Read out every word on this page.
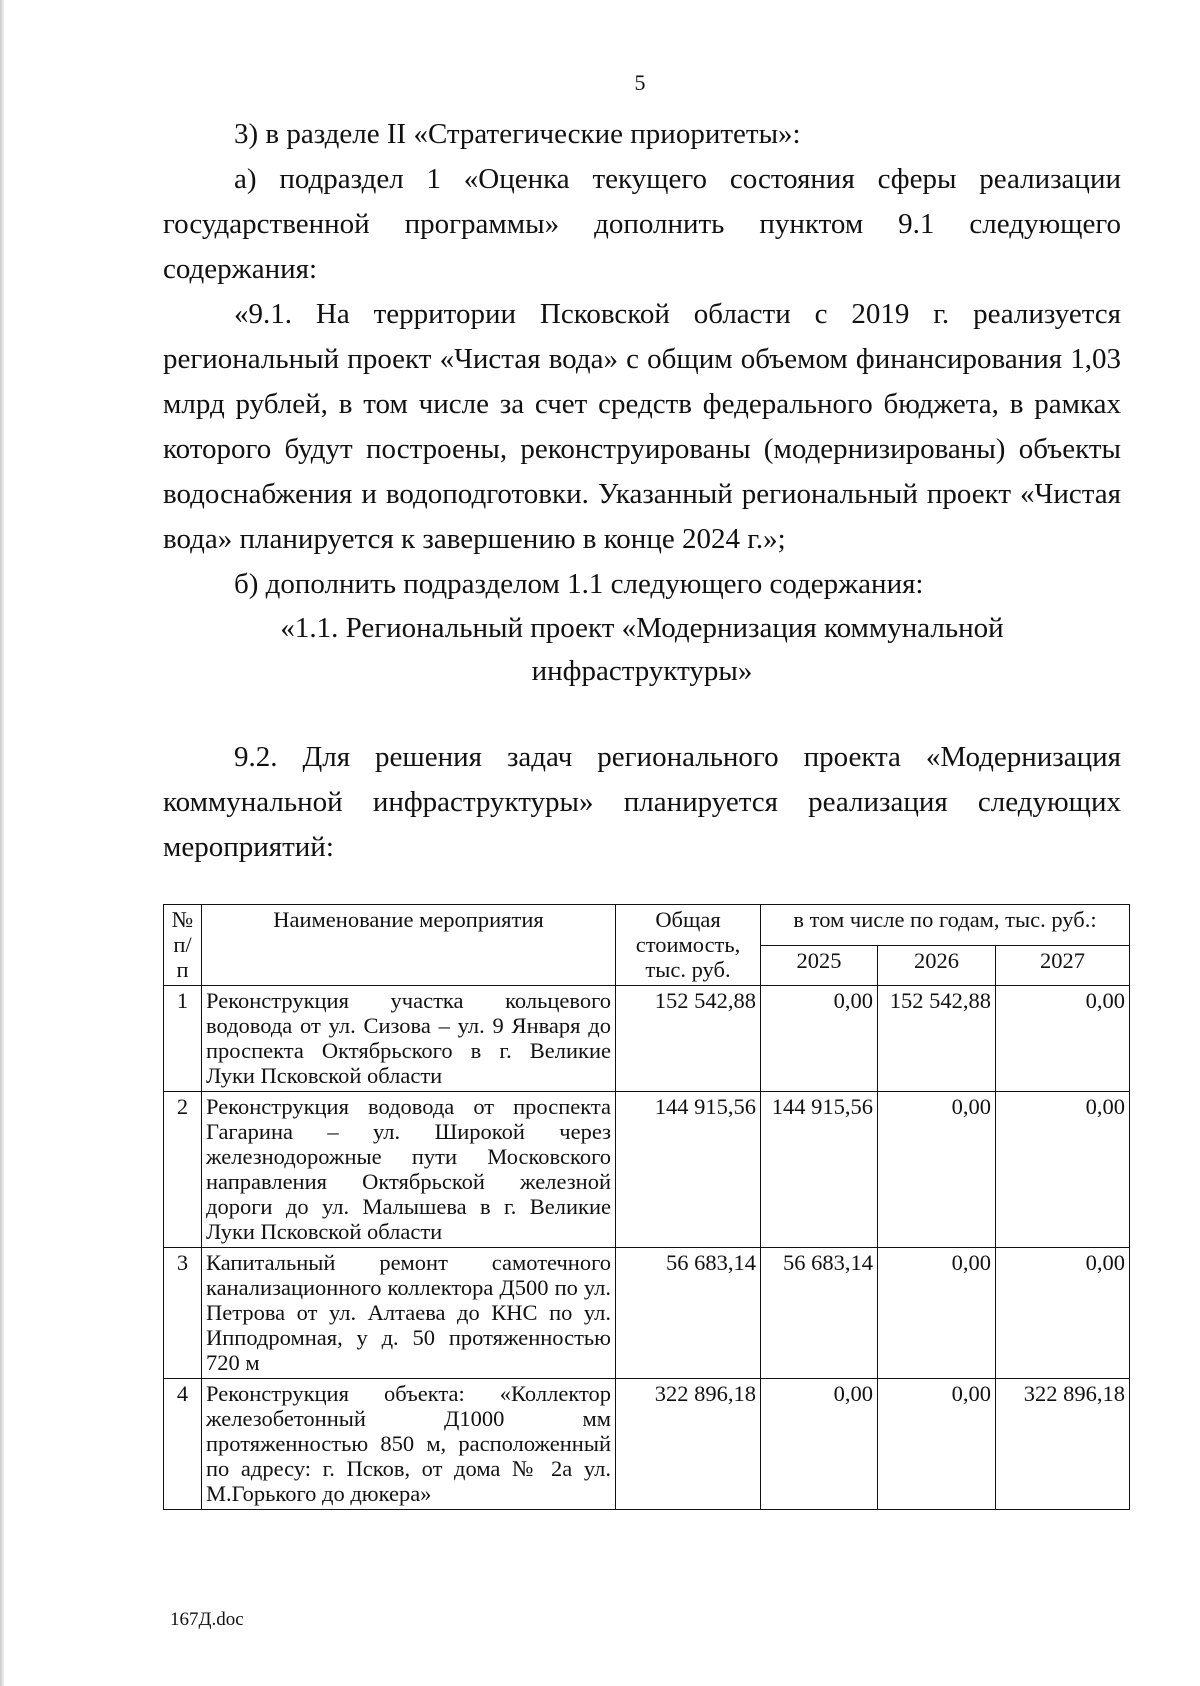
5

3) в разделе II «Стратегические приоритеты»:

а) подраздел 1 «Оценка текущего состояния сферы реализации государственной программы» дополнить пунктом 9.1 следующего содержания:

«9.1. На территории Псковской области с 2019 г. реализуется региональный проект «Чистая вода» с общим объемом финансирования 1,03 млрд рублей, в том числе за счет средств федерального бюджета, в рамках которого будут построены, реконструированы (модернизированы) объекты водоснабжения и водоподготовки. Указанный региональный проект «Чистая вода» планируется к завершению в конце 2024 г.»;

б) дополнить подразделом 1.1 следующего содержания:

«1.1. Региональный проект «Модернизация коммунальной инфраструктуры»

9.2. Для решения задач регионального проекта «Модернизация коммунальной инфраструктуры» планируется реализация следующих мероприятий:

№ п/п	Наименование мероприятия	Общая стоимость, тыс. руб.	в том числе по годам, тыс. руб.:		
			2025	2026	2027
1	Реконструкция участка кольцевого водовода от ул. Сизова – ул. 9 Января до проспекта Октябрьского в г. Великие Луки Псковской области	152 542,88	0,00	152 542,88	0,00
2	Реконструкция водовода от проспекта Гагарина – ул. Широкой через железнодорожные пути Московского направления Октябрьской железной дороги до ул. Малышева в г. Великие Луки Псковской области	144 915,56	144 915,56	0,00	0,00
3	Капитальный ремонт самотечного канализационного коллектора Д500 по ул. Петрова от ул. Алтаева до КНС по ул. Ипподромная, у д. 50 протяженностью 720 м	56 683,14	56 683,14	0,00	0,00
4	Реконструкция объекта: «Коллектор железобетонный Д1000 мм протяженностью 850 м, расположенный по адресу: г. Псков, от дома № 2а ул. М.Горького до дюкера»	322 896,18	0,00	0,00	322 896,18
167Д.doc
